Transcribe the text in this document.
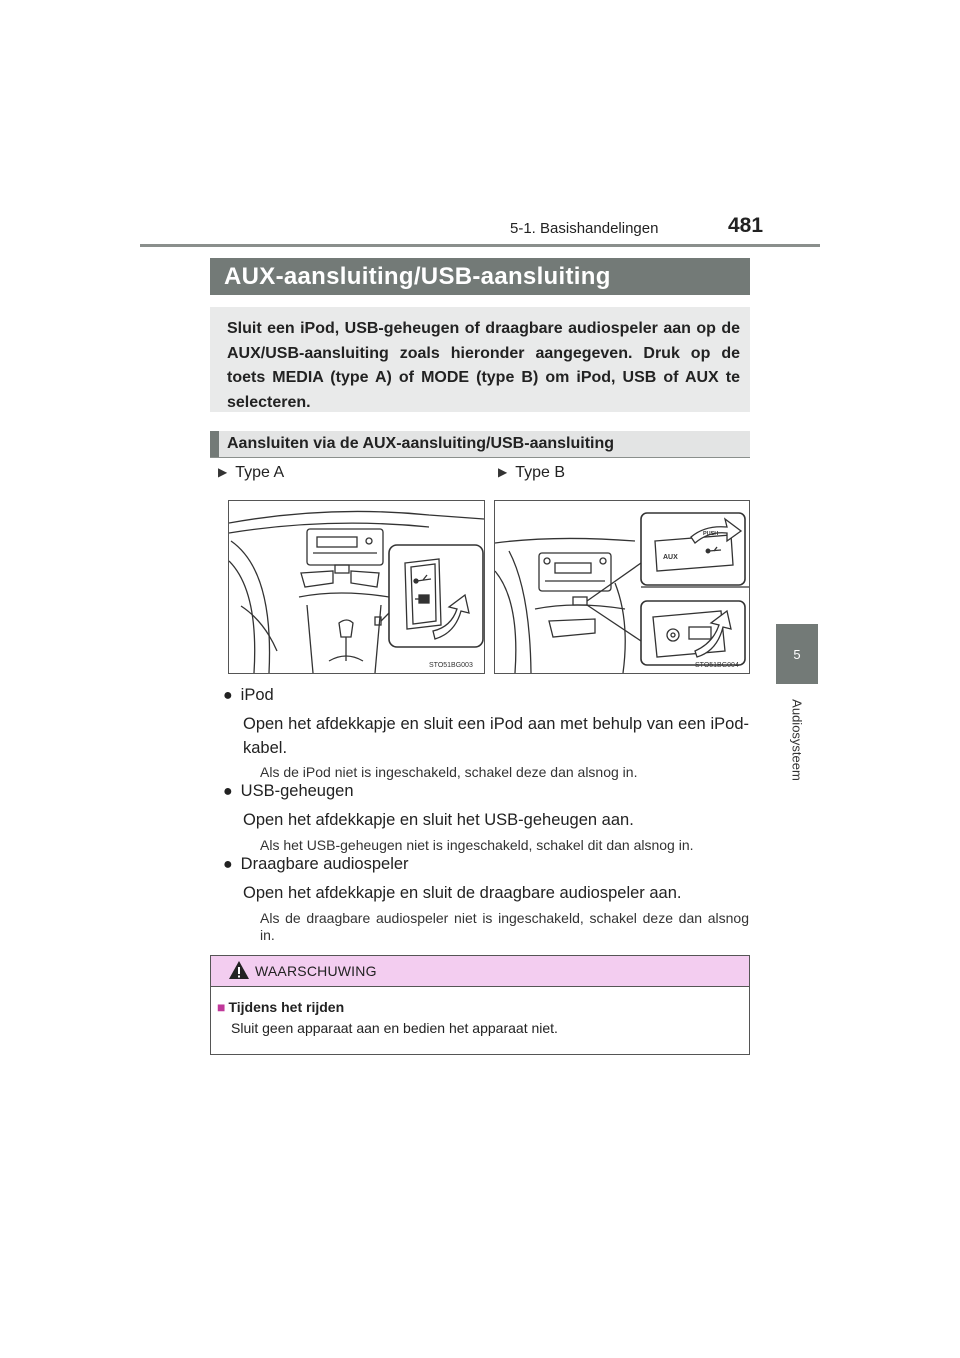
5-1. Basishandelingen	481
5
Audiosysteem
AUX-aansluiting/USB-aansluiting
Sluit een iPod, USB-geheugen of draagbare audiospeler aan op de AUX/USB-aansluiting zoals hieronder aangegeven. Druk op de toets MEDIA (type A) of MODE (type B) om iPod, USB of AUX te selecteren.
Aansluiten via de AUX-aansluiting/USB-aansluiting
▶ Type A	▶ Type B
STO51BG003
PUSH
AUX
STO51BG004
● iPod
Open het afdekkapje en sluit een iPod aan met behulp van een iPod-kabel.
Als de iPod niet is ingeschakeld, schakel deze dan alsnog in.
● USB-geheugen
Open het afdekkapje en sluit het USB-geheugen aan.
Als het USB-geheugen niet is ingeschakeld, schakel dit dan alsnog in.
● Draagbare audiospeler
Open het afdekkapje en sluit de draagbare audiospeler aan.
Als de draagbare audiospeler niet is ingeschakeld, schakel deze dan alsnog in.
WAARSCHUWING
■ Tijdens het rijden
Sluit geen apparaat aan en bedien het apparaat niet.
